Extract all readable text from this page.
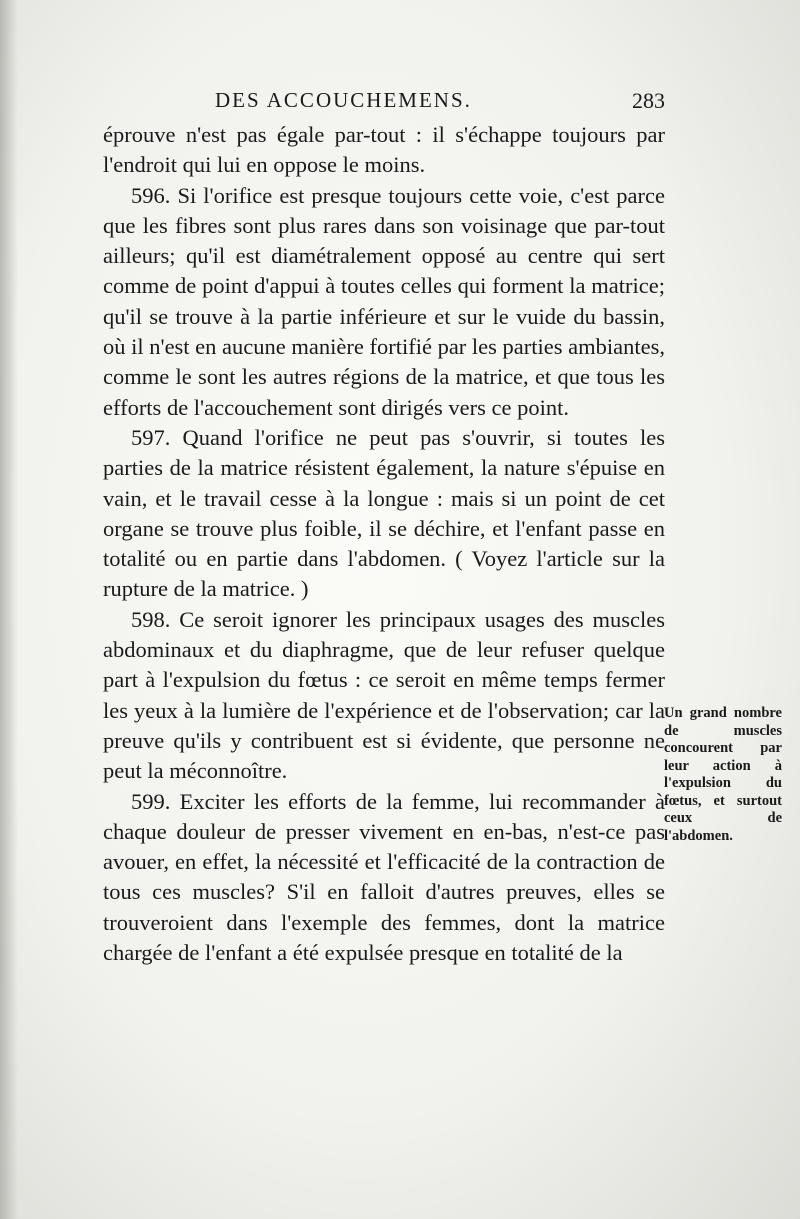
DES ACCOUCHEMENS.	283

éprouve n'est pas égale par-tout : il s'échappe toujours par l'endroit qui lui en oppose le moins.

596. Si l'orifice est presque toujours cette voie, c'est parce que les fibres sont plus rares dans son voisinage que par-tout ailleurs; qu'il est diamétralement opposé au centre qui sert comme de point d'appui à toutes celles qui forment la matrice; qu'il se trouve à la partie inférieure et sur le vuide du bassin, où il n'est en aucune manière fortifié par les parties ambiantes, comme le sont les autres régions de la matrice, et que tous les efforts de l'accouchement sont dirigés vers ce point.

597. Quand l'orifice ne peut pas s'ouvrir, si toutes les parties de la matrice résistent également, la nature s'épuise en vain, et le travail cesse à la longue : mais si un point de cet organe se trouve plus foible, il se déchire, et l'enfant passe en totalité ou en partie dans l'abdomen. ( Voyez l'article sur la rupture de la matrice. )

598. Ce seroit ignorer les principaux usages des muscles abdominaux et du diaphragme, que de leur refuser quelque part à l'expulsion du fœtus : ce seroit en même temps fermer les yeux à la lumière de l'expérience et de l'observation; car la preuve qu'ils y contribuent est si évidente, que personne ne peut la méconnoître.

599. Exciter les efforts de la femme, lui recommander à chaque douleur de presser vivement en en-bas, n'est-ce pas avouer, en effet, la nécessité et l'efficacité de la contraction de tous ces muscles? S'il en falloit d'autres preuves, elles se trouveroient dans l'exemple des femmes, dont la matrice chargée de l'enfant a été expulsée presque en totalité de la

Un grand nombre de muscles concourent par leur action à l'expulsion du fœtus, et surtout ceux de l'abdomen.
